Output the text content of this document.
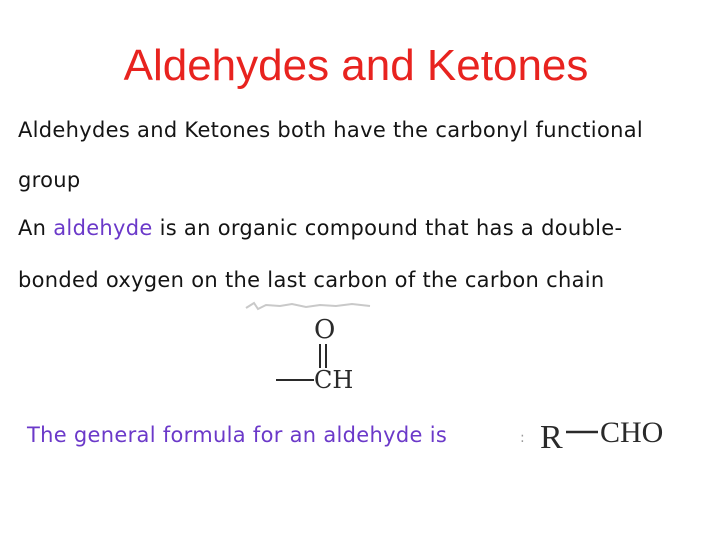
Aldehydes and Ketones
Aldehydes and Ketones both have the carbonyl functional
group
An aldehyde is an organic compound that has a double-
bonded oxygen on the last carbon of the carbon chain
O
CH
The general formula for an aldehyde is	: R CHO
